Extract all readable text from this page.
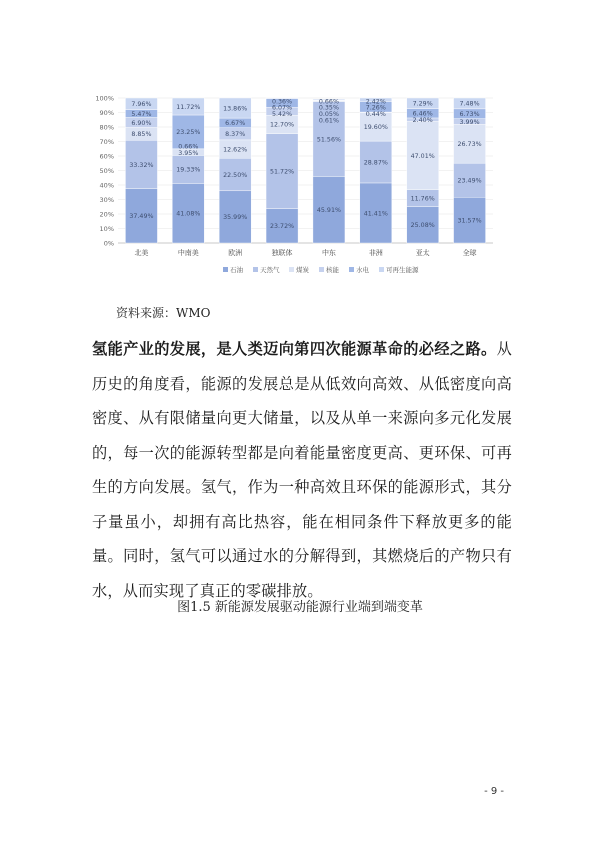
0%
10%
20%
30%
40%
50%
60%
70%
80%
90%
100%
37.49%
33.32%
8.85%
6.90%
5.47%
7.96%
41.08%
19.33%
3.95%
0.66%
23.25%
11.72%
35.99%
22.50%
12.62%
8.37%
6.67%
13.86%
23.72%
51.72%
12.70%
5.42%
6.07%
0.36%
45.91%
51.56%
0.61%
0.05%
0.35%
0.66%
41.41%
28.87%
19.60%
0.44%
7.26%
2.42%
25.08%
11.76%
47.01%
2.40%
6.46%
7.29%
31.57%
23.49%
26.73%
3.99%
6.73%
7.48%
北美	中南美	欧洲	独联体	中东	非洲	亚太	全球
石油	天然气	煤炭	核能	水电	可再生能源
资料来源：WMO

氢能产业的发展，是人类迈向第四次能源革命的必经之路。从历史的角度看，能源的发展总是从低效向高效、从低密度向高密度、从有限储量向更大储量，以及从单一来源向多元化发展的，每一次的能源转型都是向着能量密度更高、更环保、可再生的方向发展。氢气，作为一种高效且环保的能源形式，其分子量虽小，却拥有高比热容，能在相同条件下释放更多的能量。同时，氢气可以通过水的分解得到，其燃烧后的产物只有水，从而实现了真正的零碳排放。

图1.5 新能源发展驱动能源行业端到端变革
- 9 -
